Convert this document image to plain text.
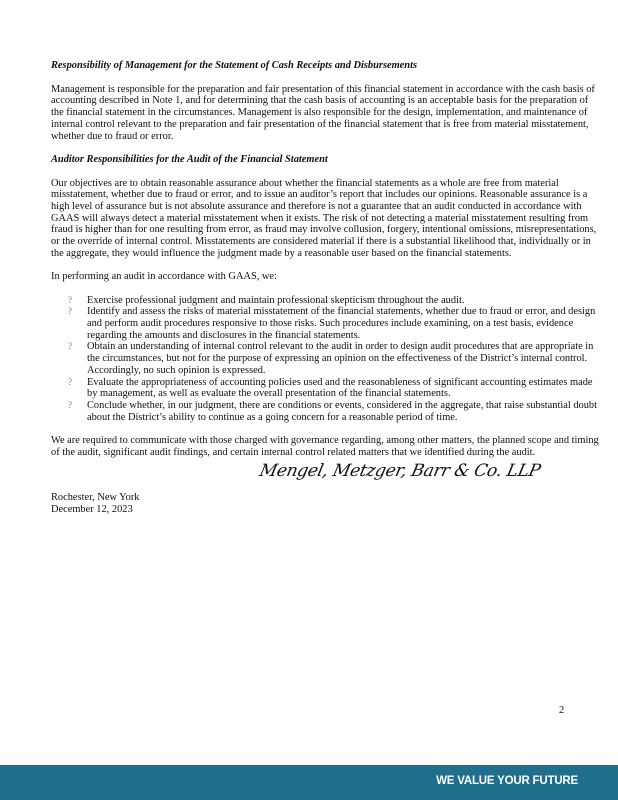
Responsibility of Management for the Statement of Cash Receipts and Disbursements

Management is responsible for the preparation and fair presentation of this financial statement in accordance with the cash basis of accounting described in Note 1, and for determining that the cash basis of accounting is an acceptable basis for the preparation of the financial statement in the circumstances. Management is also responsible for the design, implementation, and maintenance of internal control relevant to the preparation and fair presentation of the financial statement that is free from material misstatement, whether due to fraud or error.

Auditor Responsibilities for the Audit of the Financial Statement

Our objectives are to obtain reasonable assurance about whether the financial statements as a whole are free from material misstatement, whether due to fraud or error, and to issue an auditor’s report that includes our opinions. Reasonable assurance is a high level of assurance but is not absolute assurance and therefore is not a guarantee that an audit conducted in accordance with GAAS will always detect a material misstatement when it exists. The risk of not detecting a material misstatement resulting from fraud is higher than for one resulting from error, as fraud may involve collusion, forgery, intentional omissions, misrepresentations, or the override of internal control. Misstatements are considered material if there is a substantial likelihood that, individually or in the aggregate, they would influence the judgment made by a reasonable user based on the financial statements.

In performing an audit in accordance with GAAS, we:

? Exercise professional judgment and maintain professional skepticism throughout the audit.
? Identify and assess the risks of material misstatement of the financial statements, whether due to fraud or error, and design and perform audit procedures responsive to those risks. Such procedures include examining, on a test basis, evidence regarding the amounts and disclosures in the financial statements.
? Obtain an understanding of internal control relevant to the audit in order to design audit procedures that are appropriate in the circumstances, but not for the purpose of expressing an opinion on the effectiveness of the District’s internal control. Accordingly, no such opinion is expressed.
? Evaluate the appropriateness of accounting policies used and the reasonableness of significant accounting estimates made by management, as well as evaluate the overall presentation of the financial statements.
? Conclude whether, in our judgment, there are conditions or events, considered in the aggregate, that raise substantial doubt about the District’s ability to continue as a going concern for a reasonable period of time.

We are required to communicate with those charged with governance regarding, among other matters, the planned scope and timing of the audit, significant audit findings, and certain internal control related matters that we identified during the audit.

Mengel, Metzger, Barr & Co. LLP

Rochester, New York

December 12, 2023

2
WE VALUE YOUR FUTURE
